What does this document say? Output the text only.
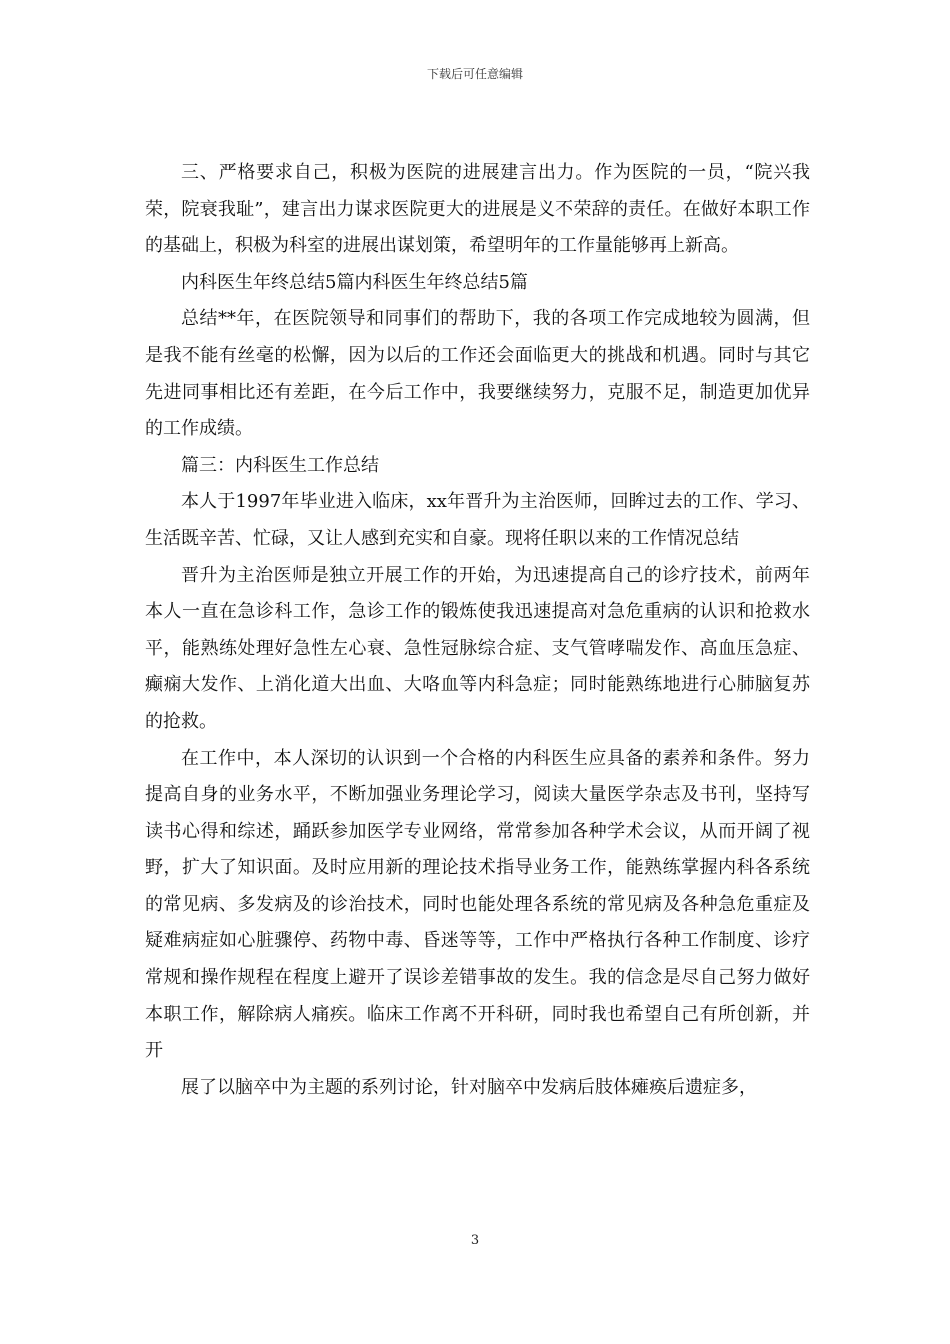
下载后可任意编辑

三、严格要求自己，积极为医院的进展建言出力。作为医院的一员，“院兴我荣，院衰我耻”，建言出力谋求医院更大的进展是义不荣辞的责任。在做好本职工作的基础上，积极为科室的进展出谋划策，希望明年的工作量能够再上新高。

内科医生年终总结5篇内科医生年终总结5篇

总结**年，在医院领导和同事们的帮助下，我的各项工作完成地较为圆满，但是我不能有丝毫的松懈，因为以后的工作还会面临更大的挑战和机遇。同时与其它先进同事相比还有差距，在今后工作中，我要继续努力，克服不足，制造更加优异的工作成绩。

篇三：内科医生工作总结

本人于1997年毕业进入临床，xx年晋升为主治医师，回眸过去的工作、学习、生活既辛苦、忙碌，又让人感到充实和自豪。现将任职以来的工作情况总结

晋升为主治医师是独立开展工作的开始，为迅速提高自己的诊疗技术，前两年本人一直在急诊科工作，急诊工作的锻炼使我迅速提高对急危重病的认识和抢救水平，能熟练处理好急性左心衰、急性冠脉综合症、支气管哮喘发作、高血压急症、癫痫大发作、上消化道大出血、大咯血等内科急症；同时能熟练地进行心肺脑复苏的抢救。

在工作中，本人深切的认识到一个合格的内科医生应具备的素养和条件。努力提高自身的业务水平，不断加强业务理论学习，阅读大量医学杂志及书刊，坚持写读书心得和综述，踊跃参加医学专业网络，常常参加各种学术会议，从而开阔了视野，扩大了知识面。及时应用新的理论技术指导业务工作，能熟练掌握内科各系统的常见病、多发病及的诊治技术，同时也能处理各系统的常见病及各种急危重症及疑难病症如心脏骤停、药物中毒、昏迷等等，工作中严格执行各种工作制度、诊疗常规和操作规程在程度上避开了误诊差错事故的发生。我的信念是尽自己努力做好本职工作，解除病人痛疾。临床工作离不开科研，同时我也希望自己有所创新，并开

展了以脑卒中为主题的系列讨论，针对脑卒中发病后肢体瘫痪后遗症多，

3
